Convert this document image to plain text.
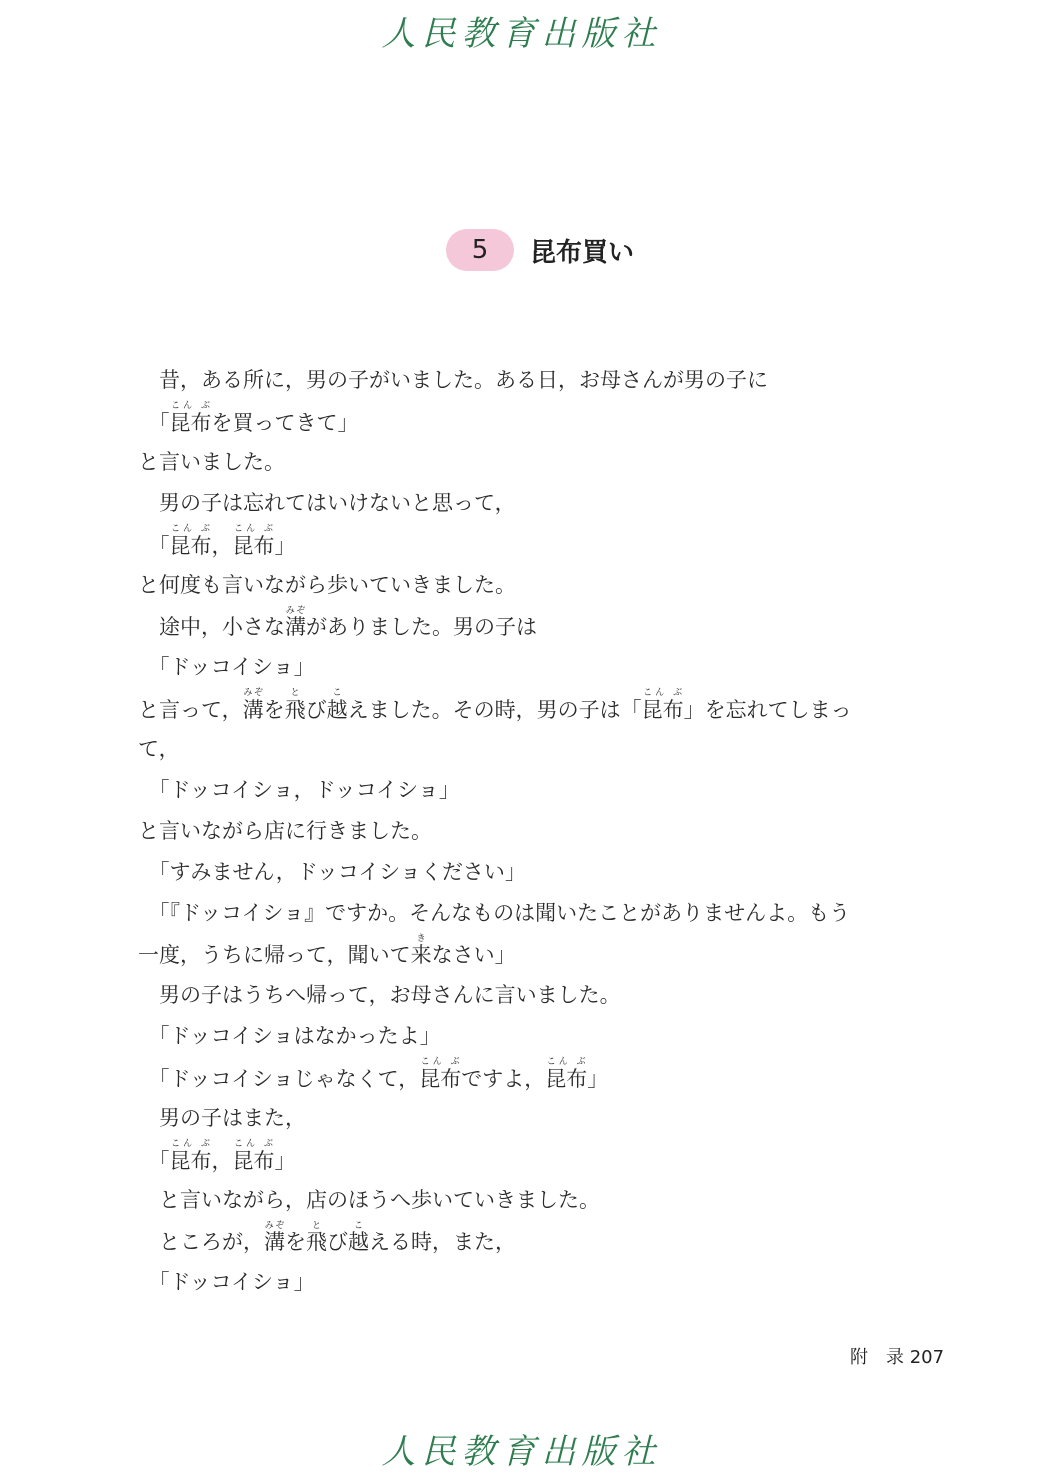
人民教育出版社
5	昆布買い
　昔，ある所に，男の子がいました。ある日，お母さんが男の子に
　「昆布こん ぶを買ってきて」
と言いました。
　男の子は忘れてはいけないと思って，
　「昆布こん ぶ，昆布こん ぶ」
と何度も言いながら歩いていきました。
　途中，小さな溝みぞがありました。男の子は
　「ドッコイショ」
と言って，溝みぞを飛とび越こえました。その時，男の子は「昆布こん ぶ」を忘れてしまっ
て，
　「ドッコイショ，ドッコイショ」
と言いながら店に行きました。
　「すみません，ドッコイショください」
　「『ドッコイショ』ですか。そんなものは聞いたことがありませんよ。もう
一度，うちに帰って，聞いて来きなさい」
　男の子はうちへ帰って，お母さんに言いました。
　「ドッコイショはなかったよ」
　「ドッコイショじゃなくて，昆布こん ぶですよ，昆布こん ぶ」
　男の子はまた，
　「昆布こん ぶ，昆布こん ぶ」
　と言いながら，店のほうへ歩いていきました。
　ところが，溝みぞを飛とび越こえる時，また，
　「ドッコイショ」
附　录 207
人民教育出版社
